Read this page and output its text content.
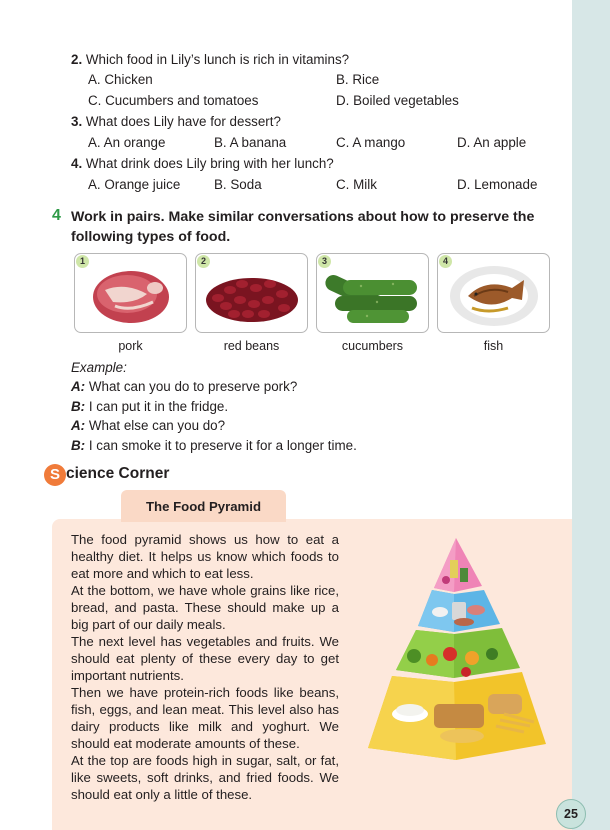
2. Which food in Lily’s lunch is rich in vitamins?
A. Chicken	B. Rice
C. Cucumbers and tomatoes	D. Boiled vegetables
3. What does Lily have for dessert?
A. An orange	B. A banana	C. A mango	D. An apple
4. What drink does Lily bring with her lunch?
A. Orange juice	B. Soda	C. Milk	D. Lemonade
4 Work in pairs. Make similar conversations about how to preserve the following types of food.
1	2	3	4
pork	red beans	cucumbers	fish
Example:
A: What can you do to preserve pork?
B: I can put it in the fridge.
A: What else can you do?
B: I can smoke it to preserve it for a longer time.
S cience Corner
The Food Pyramid
The food pyramid shows us how to eat a healthy diet. It helps us know which foods to eat more and which to eat less.
At the bottom, we have whole grains like rice, bread, and pasta. These should make up a big part of our daily meals.
The next level has vegetables and fruits. We should eat plenty of these every day to get important nutrients.
Then we have protein-rich foods like beans, fish, eggs, and lean meat. This level also has dairy products like milk and yoghurt. We should eat moderate amounts of these.
At the top are foods high in sugar, salt, or fat, like sweets, soft drinks, and fried foods. We should eat only a little of these.
25
